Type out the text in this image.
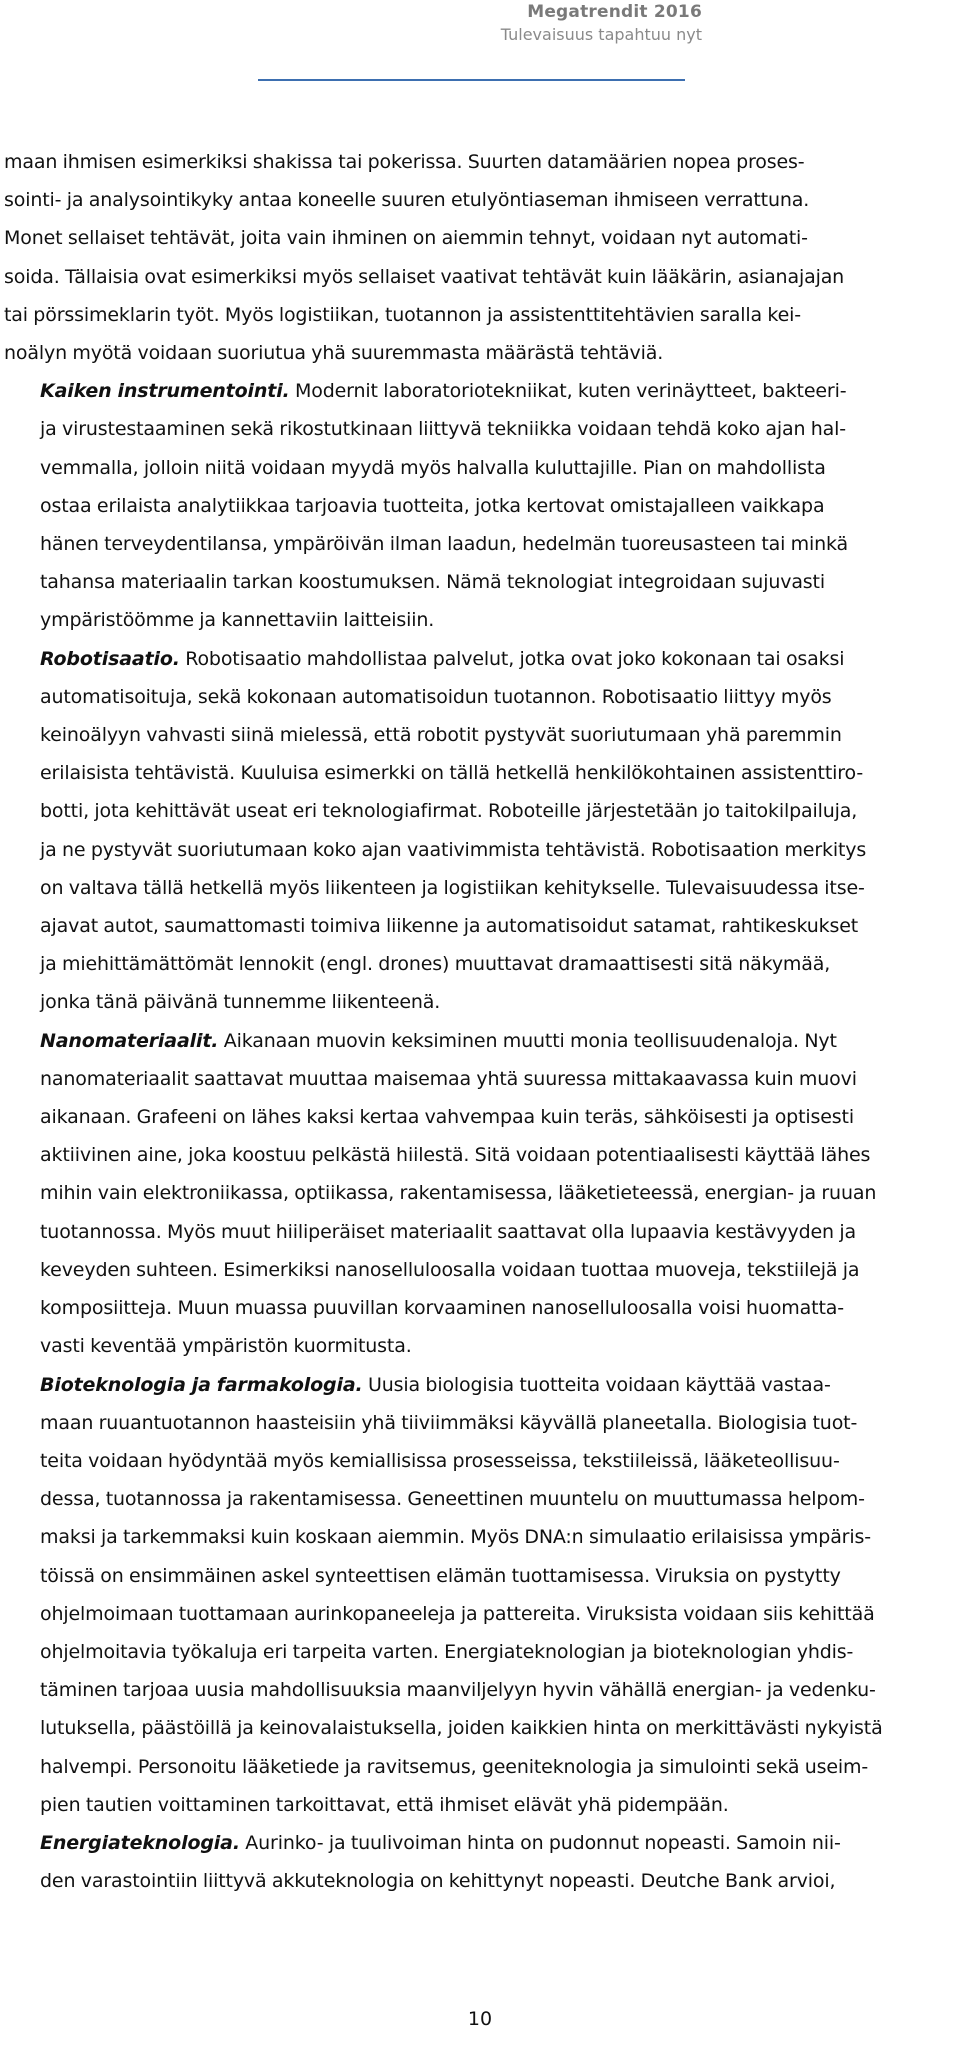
Megatrendit 2016
Tulevaisuus tapahtuu nyt

maan ihmisen esimerkiksi shakissa tai pokerissa. Suurten datamäärien nopea proses-
sointi- ja analysointikyky antaa koneelle suuren etulyöntiaseman ihmiseen verrattuna.
Monet sellaiset tehtävät, joita vain ihminen on aiemmin tehnyt, voidaan nyt automati-
soida. Tällaisia ovat esimerkiksi myös sellaiset vaativat tehtävät kuin lääkärin, asianajajan
tai pörssimeklarin työt. Myös logistiikan, tuotannon ja assistenttitehtävien saralla kei-
noälyn myötä voidaan suoriutua yhä suuremmasta määrästä tehtäviä.

Kaiken instrumentointi. Modernit laboratoriotekniikat, kuten verinäytteet, bakteeri-
ja virustestaaminen sekä rikostutkinaan liittyvä tekniikka voidaan tehdä koko ajan hal-
vemmalla, jolloin niitä voidaan myydä myös halvalla kuluttajille. Pian on mahdollista
ostaa erilaista analytiikkaa tarjoavia tuotteita, jotka kertovat omistajalleen vaikkapa
hänen terveydentilansa, ympäröivän ilman laadun, hedelmän tuoreusasteen tai minkä
tahansa materiaalin tarkan koostumuksen. Nämä teknologiat integroidaan sujuvasti
ympäristöömme ja kannettaviin laitteisiin.

Robotisaatio. Robotisaatio mahdollistaa palvelut, jotka ovat joko kokonaan tai osaksi
automatisoituja, sekä kokonaan automatisoidun tuotannon. Robotisaatio liittyy myös
keinoälyyn vahvasti siinä mielessä, että robotit pystyvät suoriutumaan yhä paremmin
erilaisista tehtävistä. Kuuluisa esimerkki on tällä hetkellä henkilökohtainen assistenttiro-
botti, jota kehittävät useat eri teknologiafirmat. Roboteille järjestetään jo taitokilpailuja,
ja ne pystyvät suoriutumaan koko ajan vaativimmista tehtävistä. Robotisaation merkitys
on valtava tällä hetkellä myös liikenteen ja logistiikan kehitykselle. Tulevaisuudessa itse-
ajavat autot, saumattomasti toimiva liikenne ja automatisoidut satamat, rahtikeskukset
ja miehittämättömät lennokit (engl. drones) muuttavat dramaattisesti sitä näkymää,
jonka tänä päivänä tunnemme liikenteenä.

Nanomateriaalit. Aikanaan muovin keksiminen muutti monia teollisuudenaloja. Nyt
nanomateriaalit saattavat muuttaa maisemaa yhtä suuressa mittakaavassa kuin muovi
aikanaan. Grafeeni on lähes kaksi kertaa vahvempaa kuin teräs, sähköisesti ja optisesti
aktiivinen aine, joka koostuu pelkästä hiilestä. Sitä voidaan potentiaalisesti käyttää lähes
mihin vain elektroniikassa, optiikassa, rakentamisessa, lääketieteessä, energian- ja ruuan
tuotannossa. Myös muut hiiliperäiset materiaalit saattavat olla lupaavia kestävyyden ja
keveyden suhteen. Esimerkiksi nanoselluloosalla voidaan tuottaa muoveja, tekstiilejä ja
komposiitteja. Muun muassa puuvillan korvaaminen nanoselluloosalla voisi huomatta-
vasti keventää ympäristön kuormitusta.

Bioteknologia ja farmakologia. Uusia biologisia tuotteita voidaan käyttää vastaa-
maan ruuantuotannon haasteisiin yhä tiiviimmäksi käyvällä planeetalla. Biologisia tuot-
teita voidaan hyödyntää myös kemiallisissa prosesseissa, tekstiileissä, lääketeollisuu-
dessa, tuotannossa ja rakentamisessa. Geneettinen muuntelu on muuttumassa helpom-
maksi ja tarkemmaksi kuin koskaan aiemmin. Myös DNA:n simulaatio erilaisissa ympäris-
töissä on ensimmäinen askel synteettisen elämän tuottamisessa. Viruksia on pystytty
ohjelmoimaan tuottamaan aurinkopaneeleja ja pattereita. Viruksista voidaan siis kehittää
ohjelmoitavia työkaluja eri tarpeita varten. Energiateknologian ja bioteknologian yhdis-
täminen tarjoaa uusia mahdollisuuksia maanviljelyyn hyvin vähällä energian- ja vedenku-
lutuksella, päästöillä ja keinovalaistuksella, joiden kaikkien hinta on merkittävästi nykyistä
halvempi. Personoitu lääketiede ja ravitsemus, geeniteknologia ja simulointi sekä useim-
pien tautien voittaminen tarkoittavat, että ihmiset elävät yhä pidempään.

Energiateknologia. Aurinko- ja tuulivoiman hinta on pudonnut nopeasti. Samoin nii-
den varastointiin liittyvä akkuteknologia on kehittynyt nopeasti. Deutche Bank arvioi,

10
